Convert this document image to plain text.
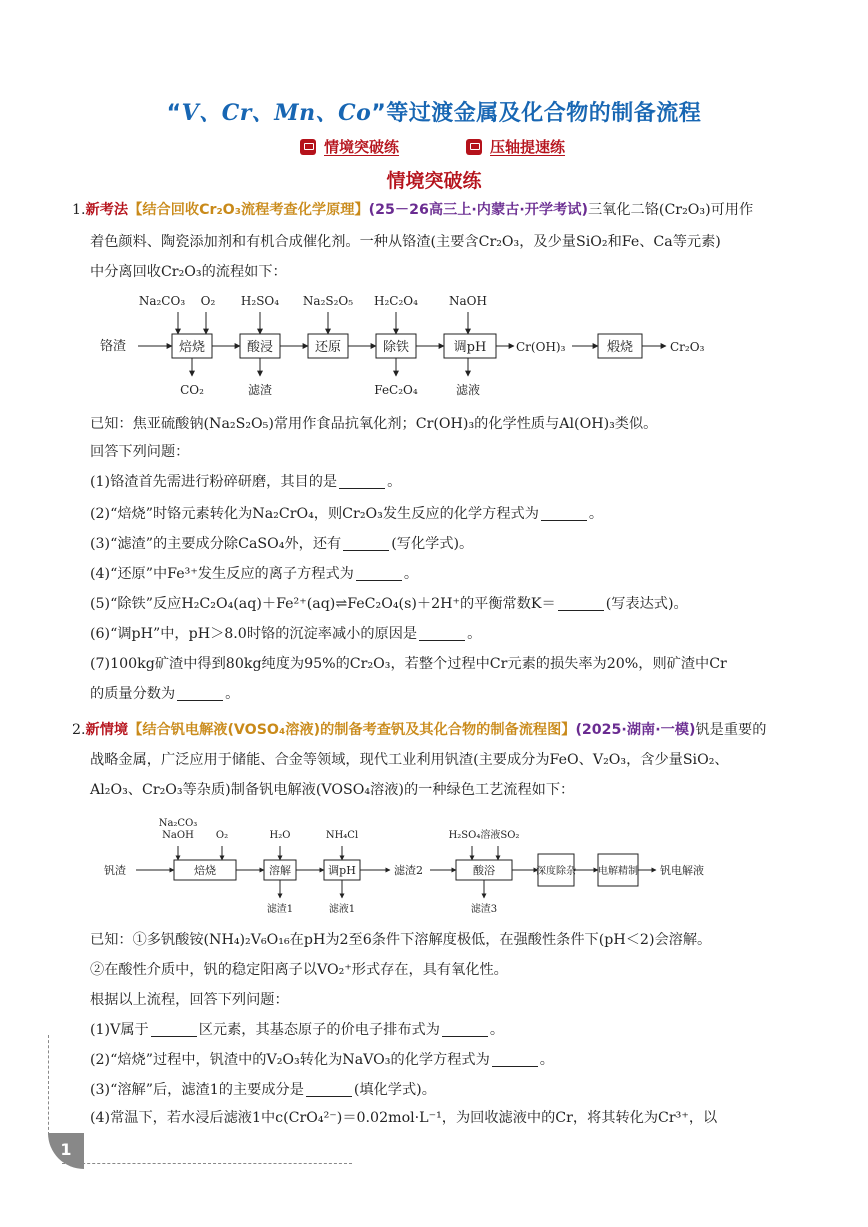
“V、Cr、Mn、Co”等过渡金属及化合物的制备流程
情境突破练	压轴提速练
情境突破练
1.新考法【结合回收Cr₂O₃流程考查化学原理】(25－26高三上·内蒙古·开学考试)三氧化二铬(Cr₂O₃)可用作
着色颜料、陶瓷添加剂和有机合成催化剂。一种从铬渣(主要含Cr₂O₃，及少量SiO₂和Fe、Ca等元素)
中分离回收Cr₂O₃的流程如下：
铬渣	焙烧	酸浸	还原	除铁	调pH	煅烧
Cr(OH)₃	Cr₂O₃
Na₂CO₃ O₂ H₂SO₄ Na₂S₂O₅ H₂C₂O₄	NaOH
CO₂	滤渣	FeC₂O₄	滤液
已知：焦亚硫酸钠(Na₂S₂O₅)常用作食品抗氧化剂；Cr(OH)₃的化学性质与Al(OH)₃类似。
回答下列问题：
(1)铬渣首先需进行粉碎研磨，其目的是	。
(2)“焙烧”时铬元素转化为Na₂CrO₄，则Cr₂O₃发生反应的化学方程式为	。
(3)“滤渣”的主要成分除CaSO₄外，还有	(写化学式)。
(4)“还原”中Fe³⁺发生反应的离子方程式为	。
(5)“除铁”反应H₂C₂O₄(aq)＋Fe²⁺(aq)⇌FeC₂O₄(s)＋2H⁺的平衡常数K＝	(写表达式)。
(6)“调pH”中，pH＞8.0时铬的沉淀率减小的原因是	。
(7)100kg矿渣中得到80kg纯度为95%的Cr₂O₃，若整个过程中Cr元素的损失率为20%，则矿渣中Cr
的质量分数为	。
2.新情境【结合钒电解液(VOSO₄溶液)的制备考查钒及其化合物的制备流程图】(2025·湖南·一模)钒是重要的
战略金属，广泛应用于储能、合金等领域，现代工业利用钒渣(主要成分为FeO、V₂O₃，含少量SiO₂、
Al₂O₃、Cr₂O₃等杂质)制备钒电解液(VOSO₄溶液)的一种绿色工艺流程如下：
钒渣	焙烧	溶解	调pH	酸浴	深度除杂 电解精制
滤渣2	钒电解液
Na₂CO₃
NaOH O₂	H₂O	NH₄Cl	H₂SO₄溶液SO₂
滤渣1	滤液1	滤渣3
已知：①多钒酸铵(NH₄)₂V₆O₁₆在pH为2至6条件下溶解度极低，在强酸性条件下(pH＜2)会溶解。
②在酸性介质中，钒的稳定阳离子以VO₂⁺形式存在，具有氧化性。
根据以上流程，回答下列问题：
(1)V属于	区元素，其基态原子的价电子排布式为	。
(2)“焙烧”过程中，钒渣中的V₂O₃转化为NaVO₃的化学方程式为	。
(3)“溶解”后，滤渣1的主要成分是	(填化学式)。
(4)常温下，若水浸后滤液1中c(CrO₄²⁻)＝0.02mol·L⁻¹，为回收滤液中的Cr，将其转化为Cr³⁺，以
1
